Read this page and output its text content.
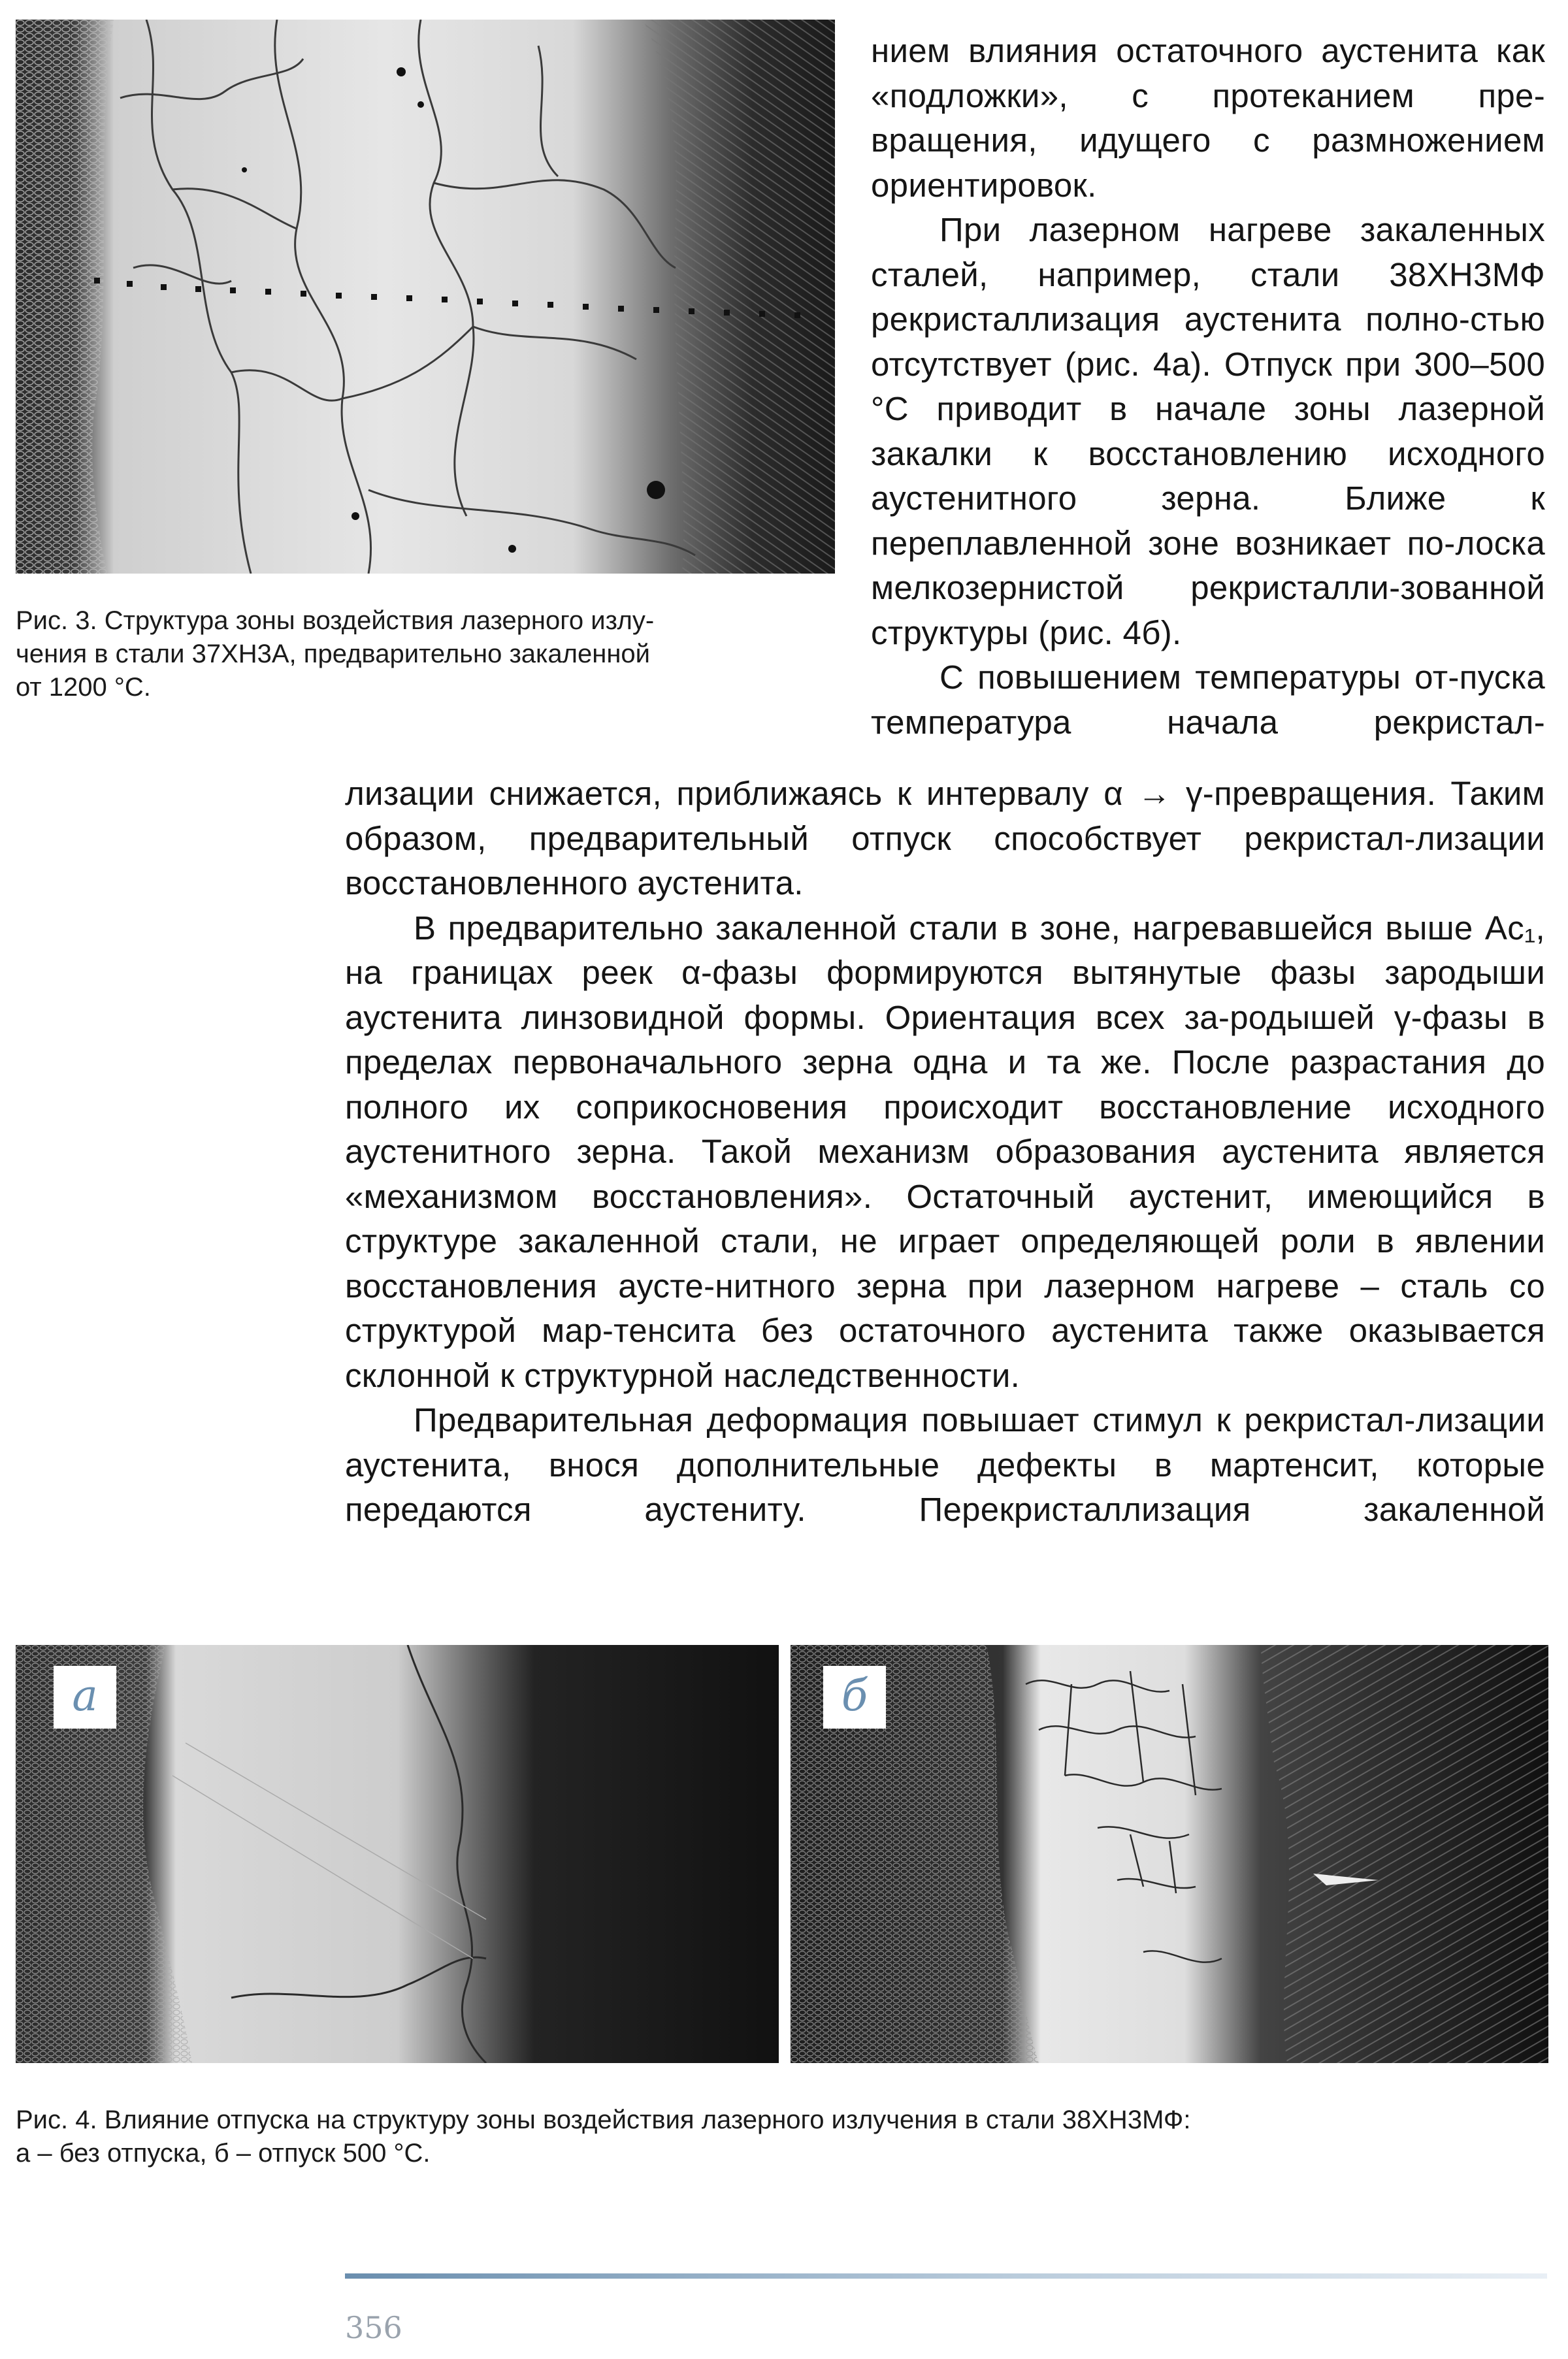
Рис. 3. Структура зоны воздействия лазерного излу-
чения в стали 37ХН3А, предварительно закаленной
от 1200 °С.

нием влияния остаточного аустенита как «подложки», с протеканием пре-вращения, идущего с размножением ориентировок.

При лазерном нагреве закаленных сталей, например, стали 38ХН3МФ рекристаллизация аустенита полно-стью отсутствует (рис. 4а). Отпуск при 300–500 °С приводит в начале зоны лазерной закалки к восстановлению исходного аустенитного зерна. Ближе к переплавленной зоне возникает по-лоска мелкозернистой рекристалли-зованной структуры (рис. 4б).

С повышением температуры от-пуска температура начала рекристал-

лизации снижается, приближаясь к интервалу α → γ-превращения. Таким образом, предварительный отпуск способствует рекристал-лизации восстановленного аустенита.

В предварительно закаленной стали в зоне, нагревавшейся выше Ac₁, на границах реек α-фазы формируются вытянутые фазы зародыши аустенита линзовидной формы. Ориентация всех за-родышей γ-фазы в пределах первоначального зерна одна и та же. После разрастания до полного их соприкосновения происходит восстановление исходного аустенитного зерна. Такой механизм образования аустенита является «механизмом восстановления». Остаточный аустенит, имеющийся в структуре закаленной стали, не играет определяющей роли в явлении восстановления аусте-нитного зерна при лазерном нагреве – сталь со структурой мар-тенсита без остаточного аустенита также оказывается склонной к структурной наследственности.

Предварительная деформация повышает стимул к рекристал-лизации аустенита, внося дополнительные дефекты в мартенсит, которые передаются аустениту. Перекристаллизация закаленной

а	б
Рис. 4. Влияние отпуска на структуру зоны воздействия лазерного излучения в стали 38ХН3МФ:
а – без отпуска, б – отпуск 500 °С.
356
